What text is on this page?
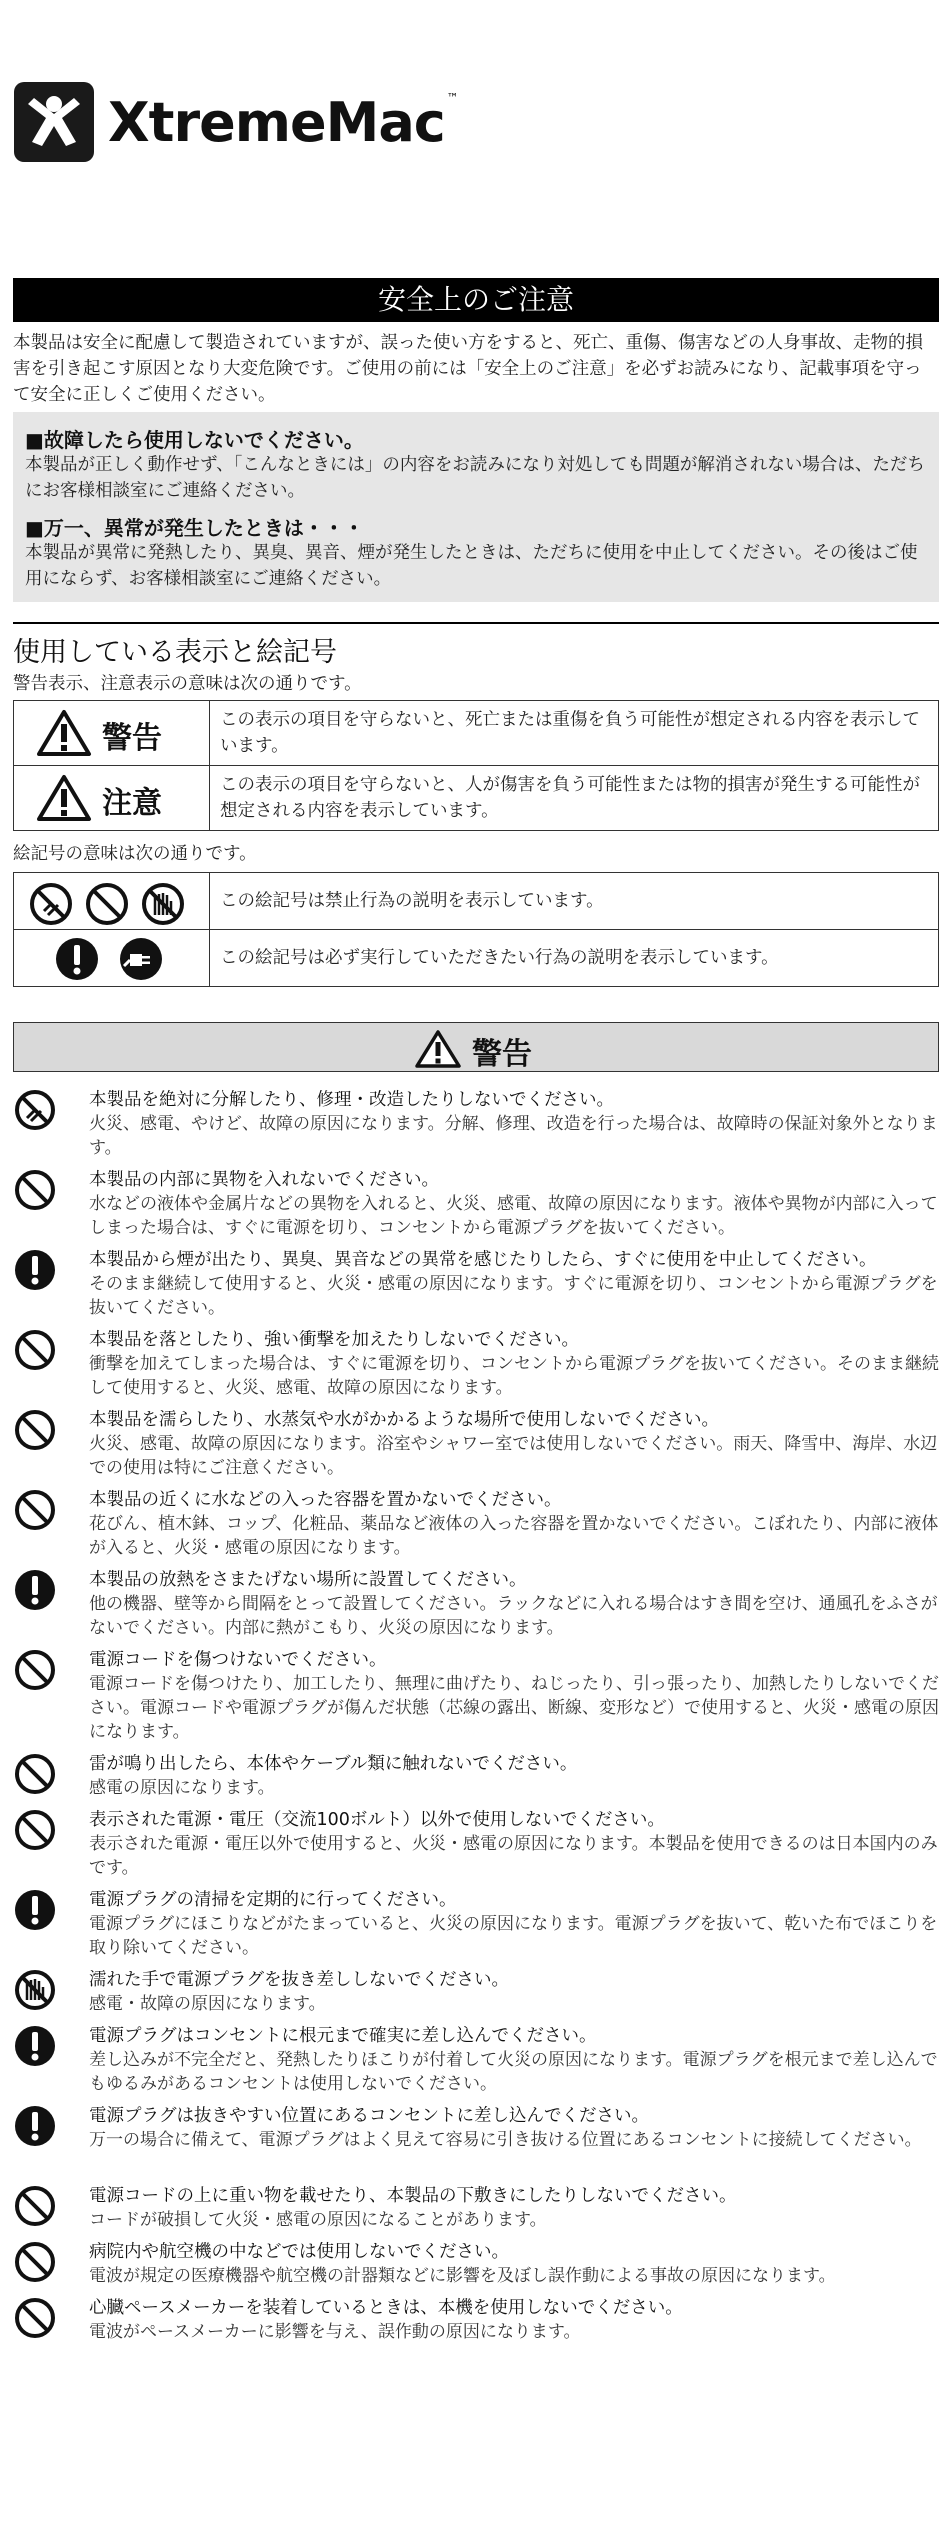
XtremeMac ™
安全上のご注意
本製品は安全に配慮して製造されていますが、誤った使い方をすると、死亡、重傷、傷害などの人身事故、走物的損害を引き起こす原因となり大変危険です。ご使用の前には「安全上のご注意」を必ずお読みになり、記載事項を守って安全に正しくご使用ください。
■故障したら使用しないでください。
本製品が正しく動作せず、「こんなときには」の内容をお読みになり対処しても問題が解消されない場合は、ただちにお客様相談室にご連絡ください。
■万一、異常が発生したときは・・・
本製品が異常に発熱したり、異臭、異音、煙が発生したときは、ただちに使用を中止してください。その後はご使用にならず、お客様相談室にご連絡ください。
使用している表示と絵記号
警告表示、注意表示の意味は次の通りです。
警告	この表示の項目を守らないと、死亡または重傷を負う可能性が想定される内容を表示しています。

注意	この表示の項目を守らないと、人が傷害を負う可能性または物的損害が発生する可能性が想定される内容を表示しています。
絵記号の意味は次の通りです。
	この絵記号は禁止行為の説明を表示しています。

	この絵記号は必ず実行していただきたい行為の説明を表示しています。
警告
本製品を絶対に分解したり、修理・改造したりしないでください。
火災、感電、やけど、故障の原因になります。分解、修理、改造を行った場合は、故障時の保証対象外となります。
本製品の内部に異物を入れないでください。
水などの液体や金属片などの異物を入れると、火災、感電、故障の原因になります。液体や異物が内部に入ってしまった場合は、すぐに電源を切り、コンセントから電源プラグを抜いてください。
本製品から煙が出たり、異臭、異音などの異常を感じたりしたら、すぐに使用を中止してください。
そのまま継続して使用すると、火災・感電の原因になります。すぐに電源を切り、コンセントから電源プラグを抜いてください。
本製品を落としたり、強い衝撃を加えたりしないでください。
衝撃を加えてしまった場合は、すぐに電源を切り、コンセントから電源プラグを抜いてください。そのまま継続して使用すると、火災、感電、故障の原因になります。
本製品を濡らしたり、水蒸気や水がかかるような場所で使用しないでください。
火災、感電、故障の原因になります。浴室やシャワー室では使用しないでください。雨天、降雪中、海岸、水辺での使用は特にご注意ください。
本製品の近くに水などの入った容器を置かないでください。
花びん、植木鉢、コップ、化粧品、薬品など液体の入った容器を置かないでください。こぼれたり、内部に液体が入ると、火災・感電の原因になります。
本製品の放熱をさまたげない場所に設置してください。
他の機器、壁等から間隔をとって設置してください。ラックなどに入れる場合はすき間を空け、通風孔をふさがないでください。内部に熱がこもり、火災の原因になります。
電源コードを傷つけないでください。
電源コードを傷つけたり、加工したり、無理に曲げたり、ねじったり、引っ張ったり、加熱したりしないでください。電源コードや電源プラグが傷んだ状態（芯線の露出、断線、変形など）で使用すると、火災・感電の原因になります。
雷が鳴り出したら、本体やケーブル類に触れないでください。
感電の原因になります。
表示された電源・電圧（交流100ボルト）以外で使用しないでください。
表示された電源・電圧以外で使用すると、火災・感電の原因になります。本製品を使用できるのは日本国内のみです。
電源プラグの清掃を定期的に行ってください。
電源プラグにほこりなどがたまっていると、火災の原因になります。電源プラグを抜いて、乾いた布でほこりを取り除いてください。
濡れた手で電源プラグを抜き差ししないでください。
感電・故障の原因になります。
電源プラグはコンセントに根元まで確実に差し込んでください。
差し込みが不完全だと、発熱したりほこりが付着して火災の原因になります。電源プラグを根元まで差し込んでもゆるみがあるコンセントは使用しないでください。
電源プラグは抜きやすい位置にあるコンセントに差し込んでください。
万一の場合に備えて、電源プラグはよく見えて容易に引き抜ける位置にあるコンセントに接続してください。
電源コードの上に重い物を載せたり、本製品の下敷きにしたりしないでください。
コードが破損して火災・感電の原因になることがあります。
病院内や航空機の中などでは使用しないでください。
電波が規定の医療機器や航空機の計器類などに影響を及ぼし誤作動による事故の原因になります。
心臓ペースメーカーを装着しているときは、本機を使用しないでください。
電波がペースメーカーに影響を与え、誤作動の原因になります。
